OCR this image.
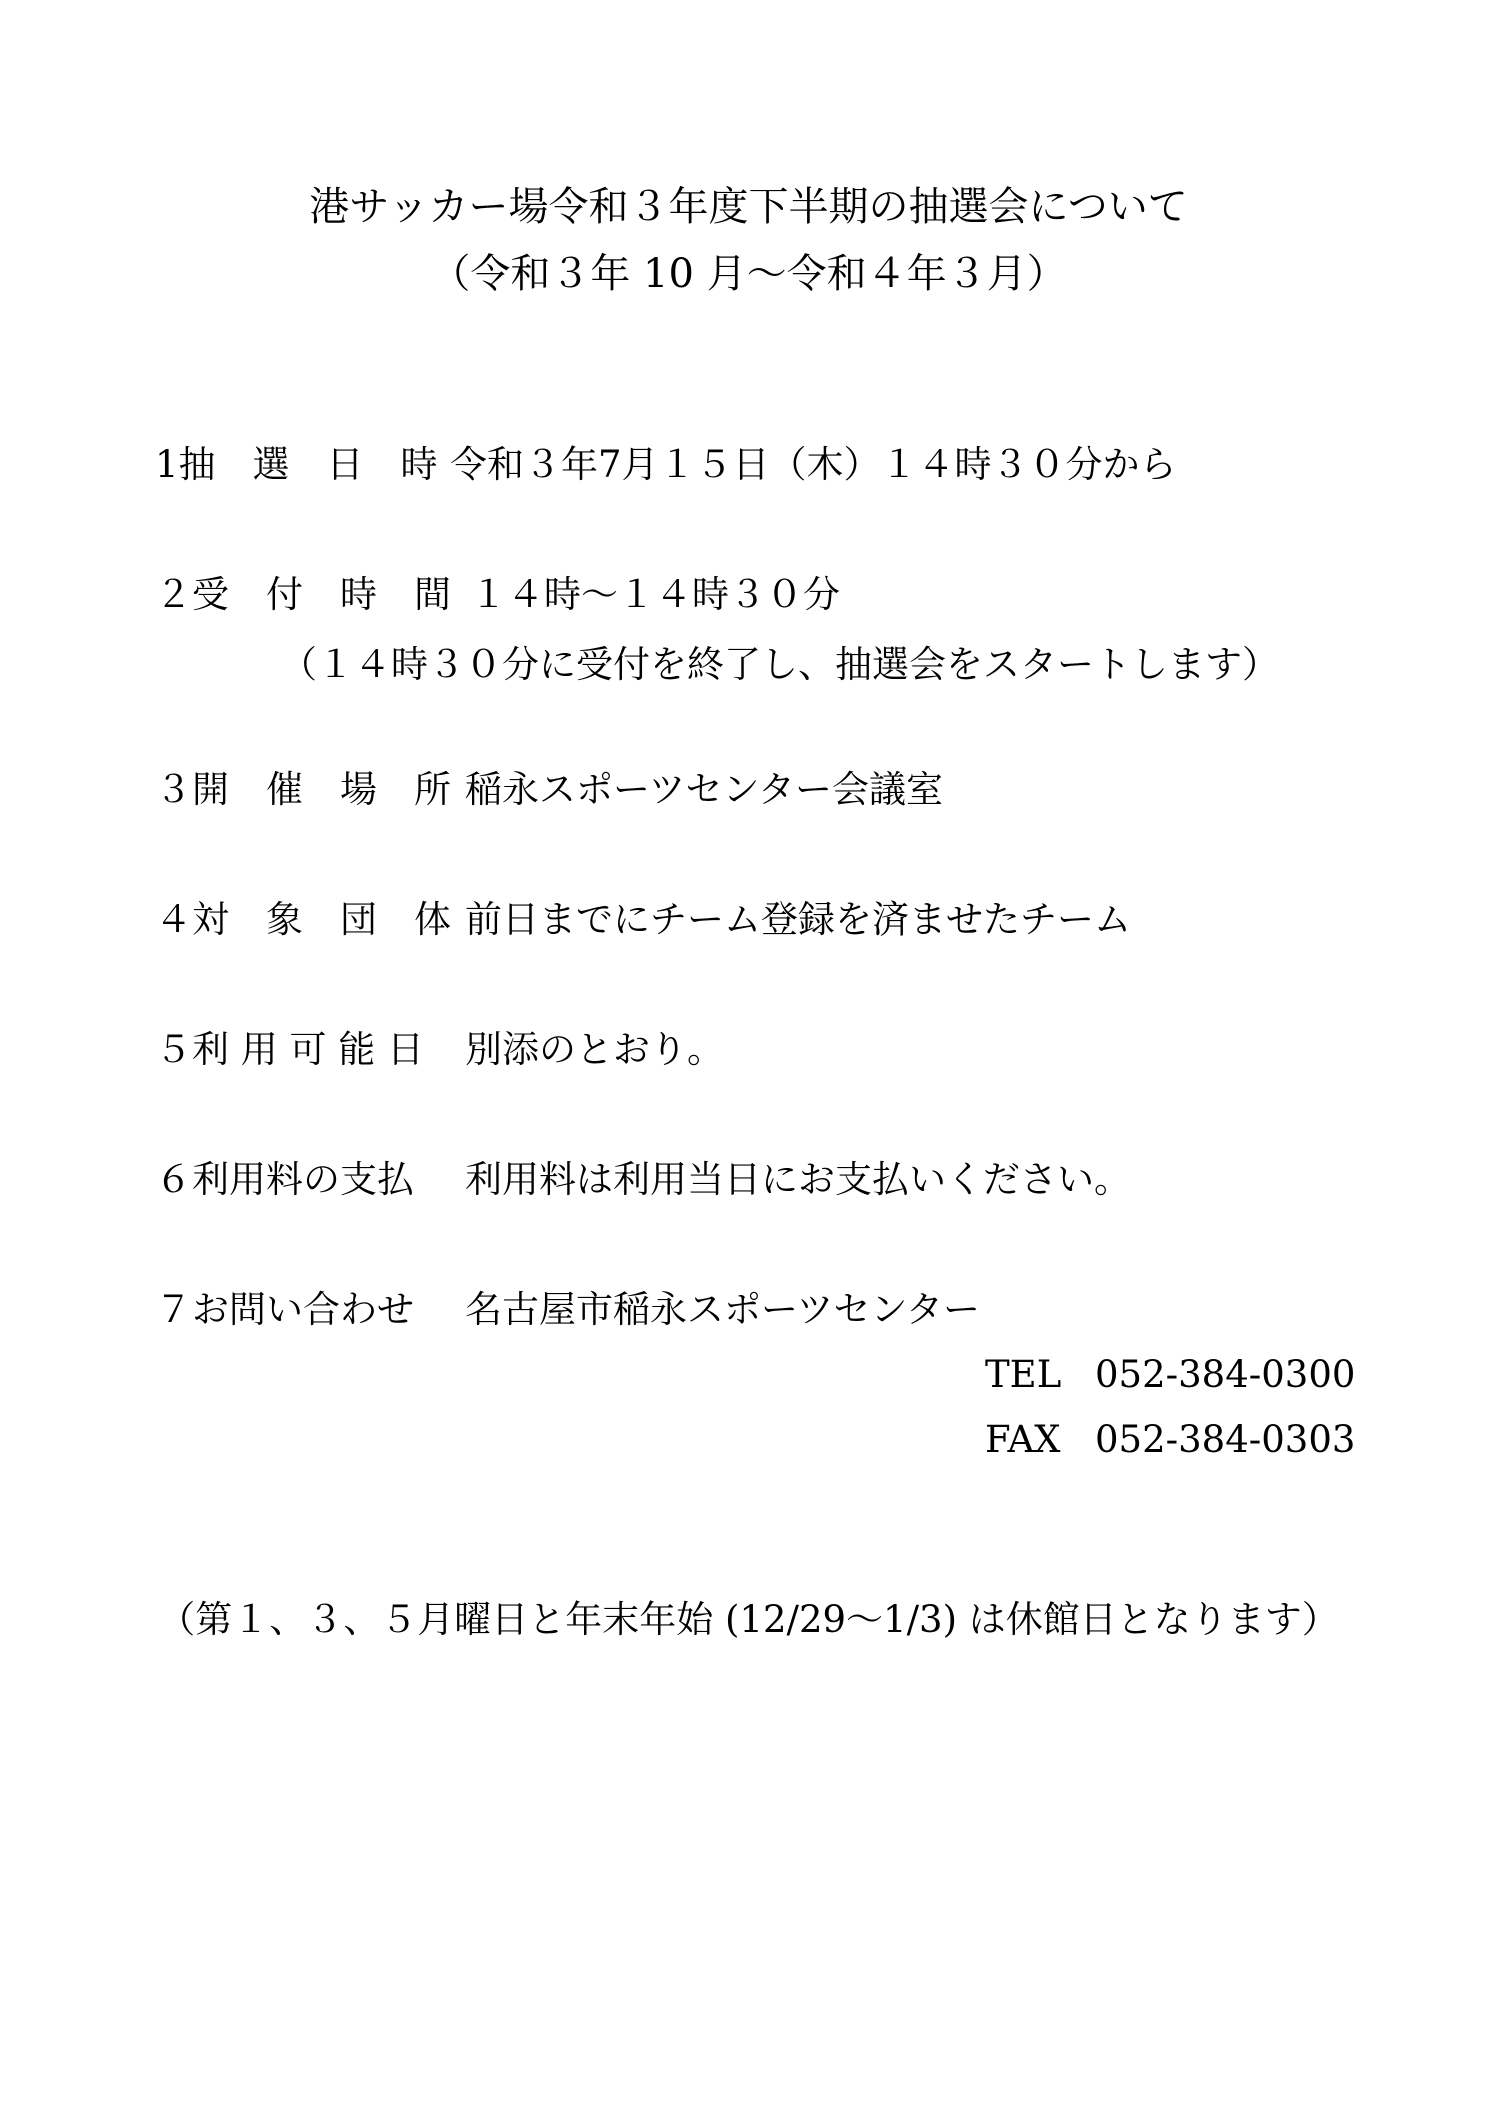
港サッカー場令和３年度下半期の抽選会について
（令和３年 10 月～令和４年３月）
1抽　選　日　時 令和３年7月１５日（木）１４時３０分から
２受　付　時　間 １４時～１４時３０分
（１４時３０分に受付を終了し、抽選会をスタートします）
３開　催　場　所 稲永スポーツセンター会議室
４対　象　団　体 前日までにチーム登録を済ませたチーム
５利 用 可 能 日 別添のとおり。
６利用料の支払 利用料は利用当日にお支払いください。
７お問い合わせ 名古屋市稲永スポーツセンター
TEL 052-384-0300
FAX 052-384-0303
（第１、３、５月曜日と年末年始 (12/29～1/3) は休館日となります）
